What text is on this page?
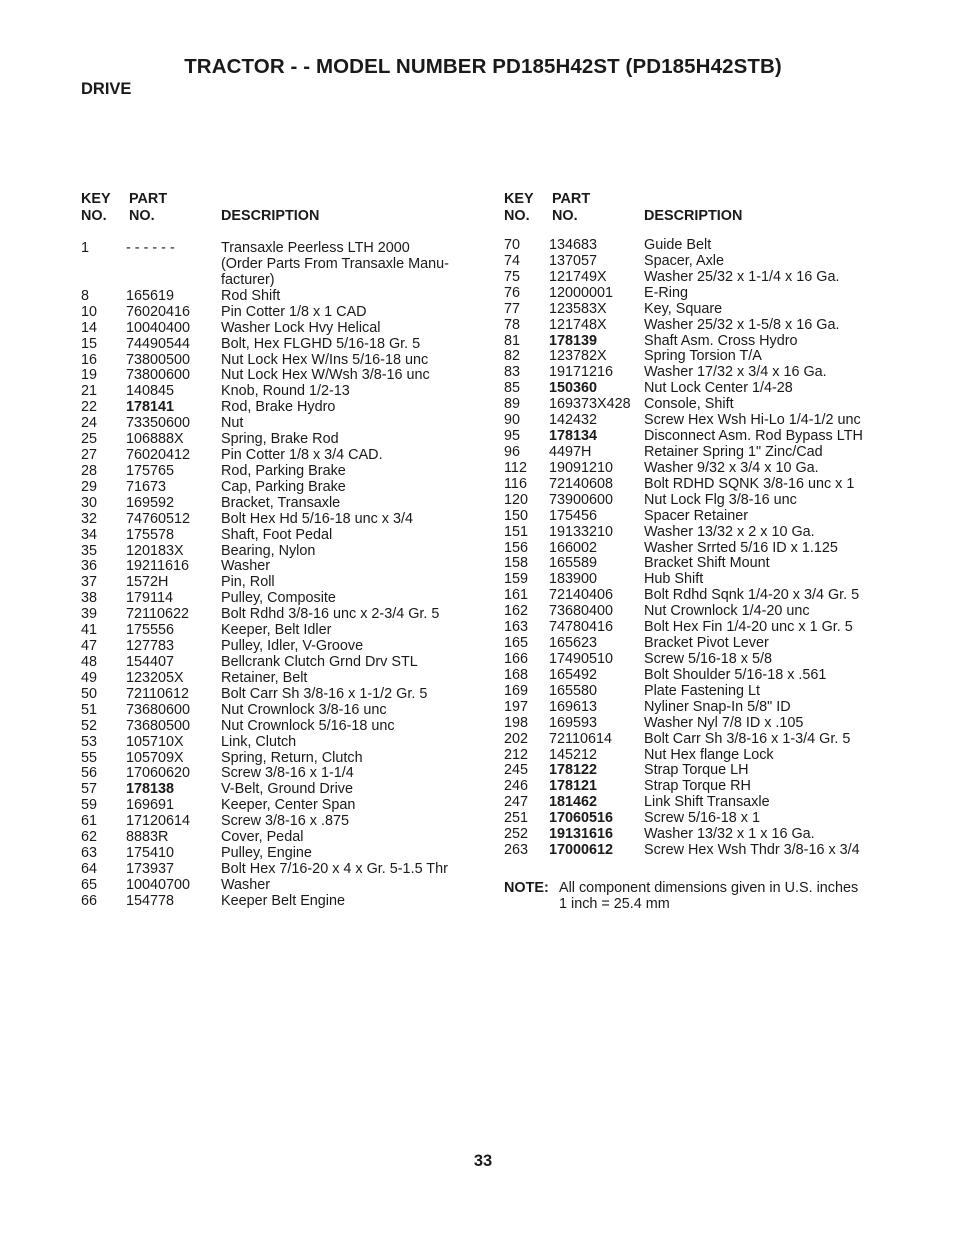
TRACTOR - - MODEL NUMBER PD185H42ST (PD185H42STB)
DRIVE
KEY
NO.
PART
NO.	DESCRIPTION
1	- - - - - -	Transaxle Peerless LTH 2000
(Order Parts From Transaxle Manu-
facturer)
8	165619	Rod Shift
10 76020416 Pin Cotter 1/8 x 1 CAD
14 10040400 Washer Lock Hvy Helical
15 74490544 Bolt, Hex FLGHD 5/16-18 Gr. 5
16 73800500 Nut Lock Hex W/Ins 5/16-18 unc
19 73800600 Nut Lock Hex W/Wsh 3/8-16 unc
21 140845	Knob, Round 1/2-13
22 178141	Rod, Brake Hydro
24 73350600 Nut
25 106888X	Spring, Brake Rod
27 76020412 Pin Cotter 1/8 x 3/4 CAD.
28 175765	Rod, Parking Brake
29 71673	Cap, Parking Brake
30 169592	Bracket, Transaxle
32 74760512 Bolt Hex Hd 5/16-18 unc x 3/4
34 175578	Shaft, Foot Pedal
35 120183X	Bearing, Nylon
36 19211616 Washer
37 1572H	Pin, Roll
38 179114	Pulley, Composite
39 72110622 Bolt Rdhd 3/8-16 unc x 2-3/4 Gr. 5
41 175556	Keeper, Belt Idler
47 127783	Pulley, Idler, V-Groove
48 154407	Bellcrank Clutch Grnd Drv STL
49 123205X	Retainer, Belt
50 72110612 Bolt Carr Sh 3/8-16 x 1-1/2 Gr. 5
51 73680600 Nut Crownlock 3/8-16 unc
52 73680500 Nut Crownlock 5/16-18 unc
53 105710X	Link, Clutch
55 105709X	Spring, Return, Clutch
56 17060620 Screw 3/8-16 x 1-1/4
57 178138	V-Belt, Ground Drive
59 169691	Keeper, Center Span
61 17120614 Screw 3/8-16 x .875
62 8883R	Cover, Pedal
63 175410	Pulley, Engine
64 173937	Bolt Hex 7/16-20 x 4 x Gr. 5-1.5 Thr
65 10040700 Washer
66 154778	Keeper Belt Engine
KEY
NO.
PART
NO.	DESCRIPTION
70 134683	Guide Belt
74 137057	Spacer, Axle
75 121749X	Washer 25/32 x 1-1/4 x 16 Ga.
76 12000001 E-Ring
77 123583X	Key, Square
78 121748X	Washer 25/32 x 1-5/8 x 16 Ga.
81 178139	Shaft Asm. Cross Hydro
82 123782X	Spring Torsion T/A
83 19171216 Washer 17/32 x 3/4 x 16 Ga.
85 150360	Nut Lock Center 1/4-28
89 169373X428 Console, Shift
90 142432	Screw Hex Wsh Hi-Lo 1/4-1/2 unc
95 178134	Disconnect Asm. Rod Bypass LTH
96 4497H	Retainer Spring 1" Zinc/Cad
112 19091210 Washer 9/32 x 3/4 x 10 Ga.
116 72140608 Bolt RDHD SQNK 3/8-16 unc x 1
120 73900600 Nut Lock Flg 3/8-16 unc
150 175456	Spacer Retainer
151 19133210 Washer 13/32 x 2 x 10 Ga.
156 166002	Washer Srrted 5/16 ID x 1.125
158 165589	Bracket Shift Mount
159 183900	Hub Shift
161 72140406 Bolt Rdhd Sqnk 1/4-20 x 3/4 Gr. 5
162 73680400 Nut Crownlock 1/4-20 unc
163 74780416 Bolt Hex Fin 1/4-20 unc x 1 Gr. 5
165 165623	Bracket Pivot Lever
166 17490510 Screw 5/16-18 x 5/8
168 165492	Bolt Shoulder 5/16-18 x .561
169 165580	Plate Fastening Lt
197 169613	Nyliner Snap-In 5/8" ID
198 169593	Washer Nyl 7/8 ID x .105
202 72110614 Bolt Carr Sh 3/8-16 x 1-3/4 Gr. 5
212 145212	Nut Hex flange Lock
245 178122	Strap Torque LH
246 178121	Strap Torque RH
247 181462	Link Shift Transaxle
251 17060516 Screw 5/16-18 x 1
252 19131616 Washer 13/32 x 1 x 16 Ga.
263 17000612 Screw Hex Wsh Thdr 3/8-16 x 3/4
NOTE: All component dimensions given in U.S. inches
1 inch = 25.4 mm
33
